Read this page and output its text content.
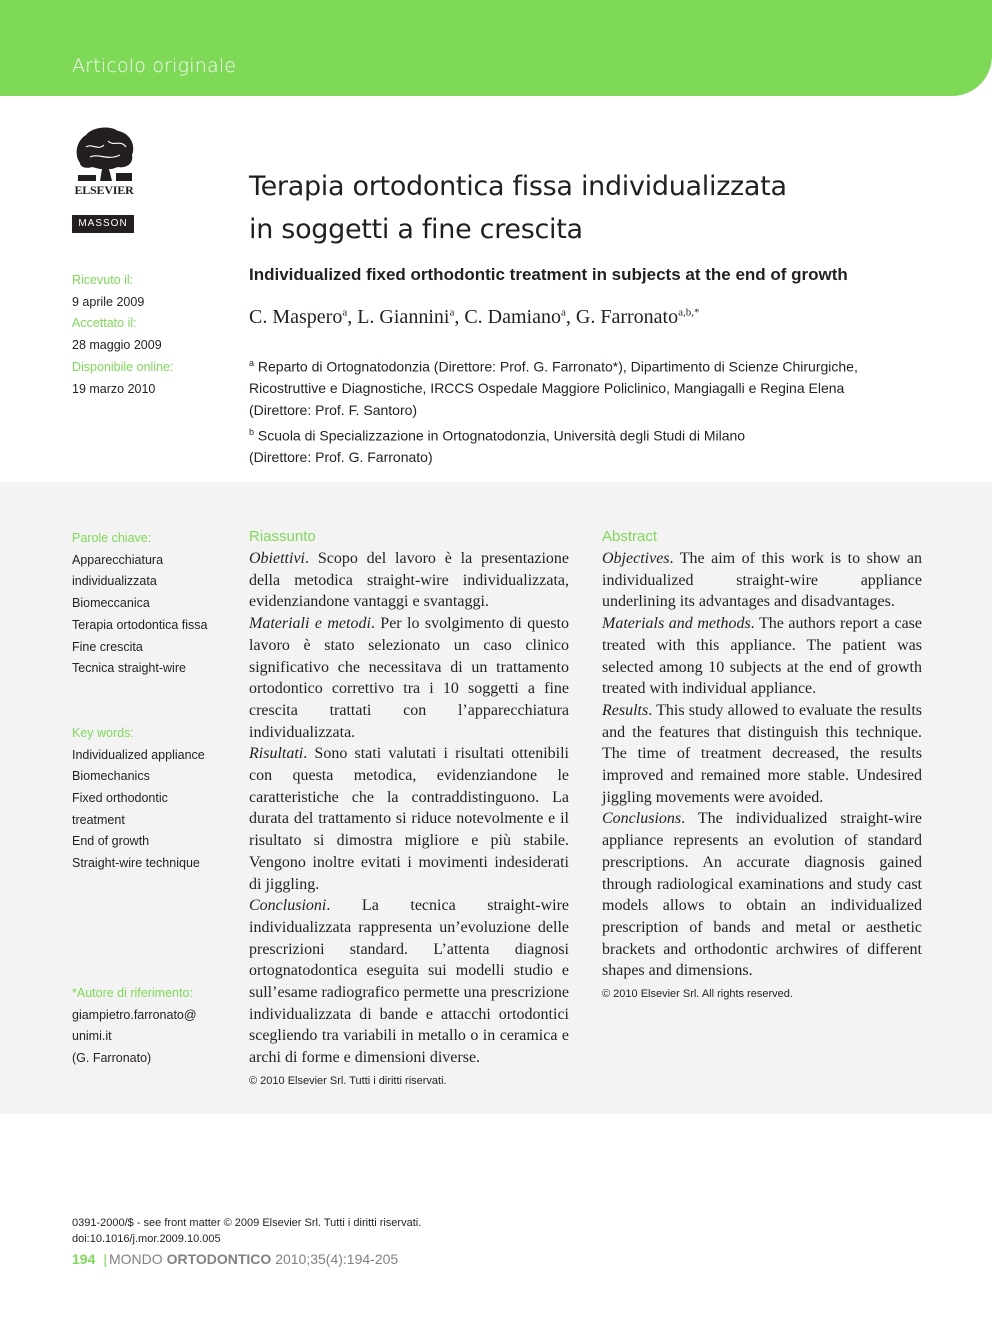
Articolo originale
ELSEVIER
MASSON
Ricevuto il:
9 aprile 2009
Accettato il:
28 maggio 2009
Disponibile online:
19 marzo 2010
Terapia ortodontica fissa individualizzata
in soggetti a fine crescita
Individualized fixed orthodontic treatment in subjects at the end of growth
C. Maspero$^a$, L. Giannini$^a$, C. Damiano$^a$, G. Farronato$^{a,b,*}$
$^a$ Reparto di Ortognatodonzia (Direttore: Prof. G. Farronato*), Dipartimento di Scienze Chirurgiche,
Ricostruttive e Diagnostiche, IRCCS Ospedale Maggiore Policlinico, Mangiagalli e Regina Elena
(Direttore: Prof. F. Santoro)
$^b$ Scuola di Specializzazione in Ortognatodonzia, Università degli Studi di Milano
(Direttore: Prof. G. Farronato)
Parole chiave:
Apparecchiatura
individualizzata
Biomeccanica
Terapia ortodontica fissa
Fine crescita
Tecnica straight-wire
Key words:
Individualized appliance
Biomechanics
Fixed orthodontic
treatment
End of growth
Straight-wire technique
*Autore di riferimento:
giampietro.farronato@
unimi.it
(G. Farronato)
Riassunto

Obiettivi. Scopo del lavoro è la presentazione della metodica straight-wire individualizzata, evidenziandone vantaggi e svantaggi.

Materiali e metodi. Per lo svolgimento di questo lavoro è stato selezionato un caso clinico significativo che necessitava di un trattamento ortodontico correttivo tra i 10 soggetti a fine crescita trattati con l’apparecchiatura individualizzata.

Risultati. Sono stati valutati i risultati ottenibili con questa metodica, evidenziandone le caratteristiche che la contraddistinguono. La durata del trattamento si riduce notevolmente e il risultato si dimostra migliore e più stabile. Vengono inoltre evitati i movimenti indesiderati di jiggling.

Conclusioni. La tecnica straight-wire individualizzata rappresenta un’evoluzione delle prescrizioni standard. L’attenta diagnosi ortognatodontica eseguita sui modelli studio e sull’esame radiografico permette una prescrizione individualizzata di bande e attacchi ortodontici scegliendo tra variabili in metallo o in ceramica e archi di forme e dimensioni diverse.

© 2010 Elsevier Srl. Tutti i diritti riservati.
Abstract

Objectives. The aim of this work is to show an individualized straight-wire appliance underlining its advantages and disadvantages.

Materials and methods. The authors report a case treated with this appliance. The patient was selected among 10 subjects at the end of growth treated with individual appliance.

Results. This study allowed to evaluate the results and the features that distinguish this technique. The time of treatment decreased, the results improved and remained more stable. Undesired jiggling movements were avoided.

Conclusions. The individualized straight-wire appliance represents an evolution of standard prescriptions. An accurate diagnosis gained through radiological examinations and study cast models allows to obtain an individualized prescription of bands and metal or aesthetic brackets and orthodontic archwires of different shapes and dimensions.

© 2010 Elsevier Srl. All rights reserved.
0391-2000/$ - see front matter © 2009 Elsevier Srl. Tutti i diritti riservati.
doi:10.1016/j.mor.2009.10.005
194 | MONDO ORTODONTICO 2010;35(4):194-205
